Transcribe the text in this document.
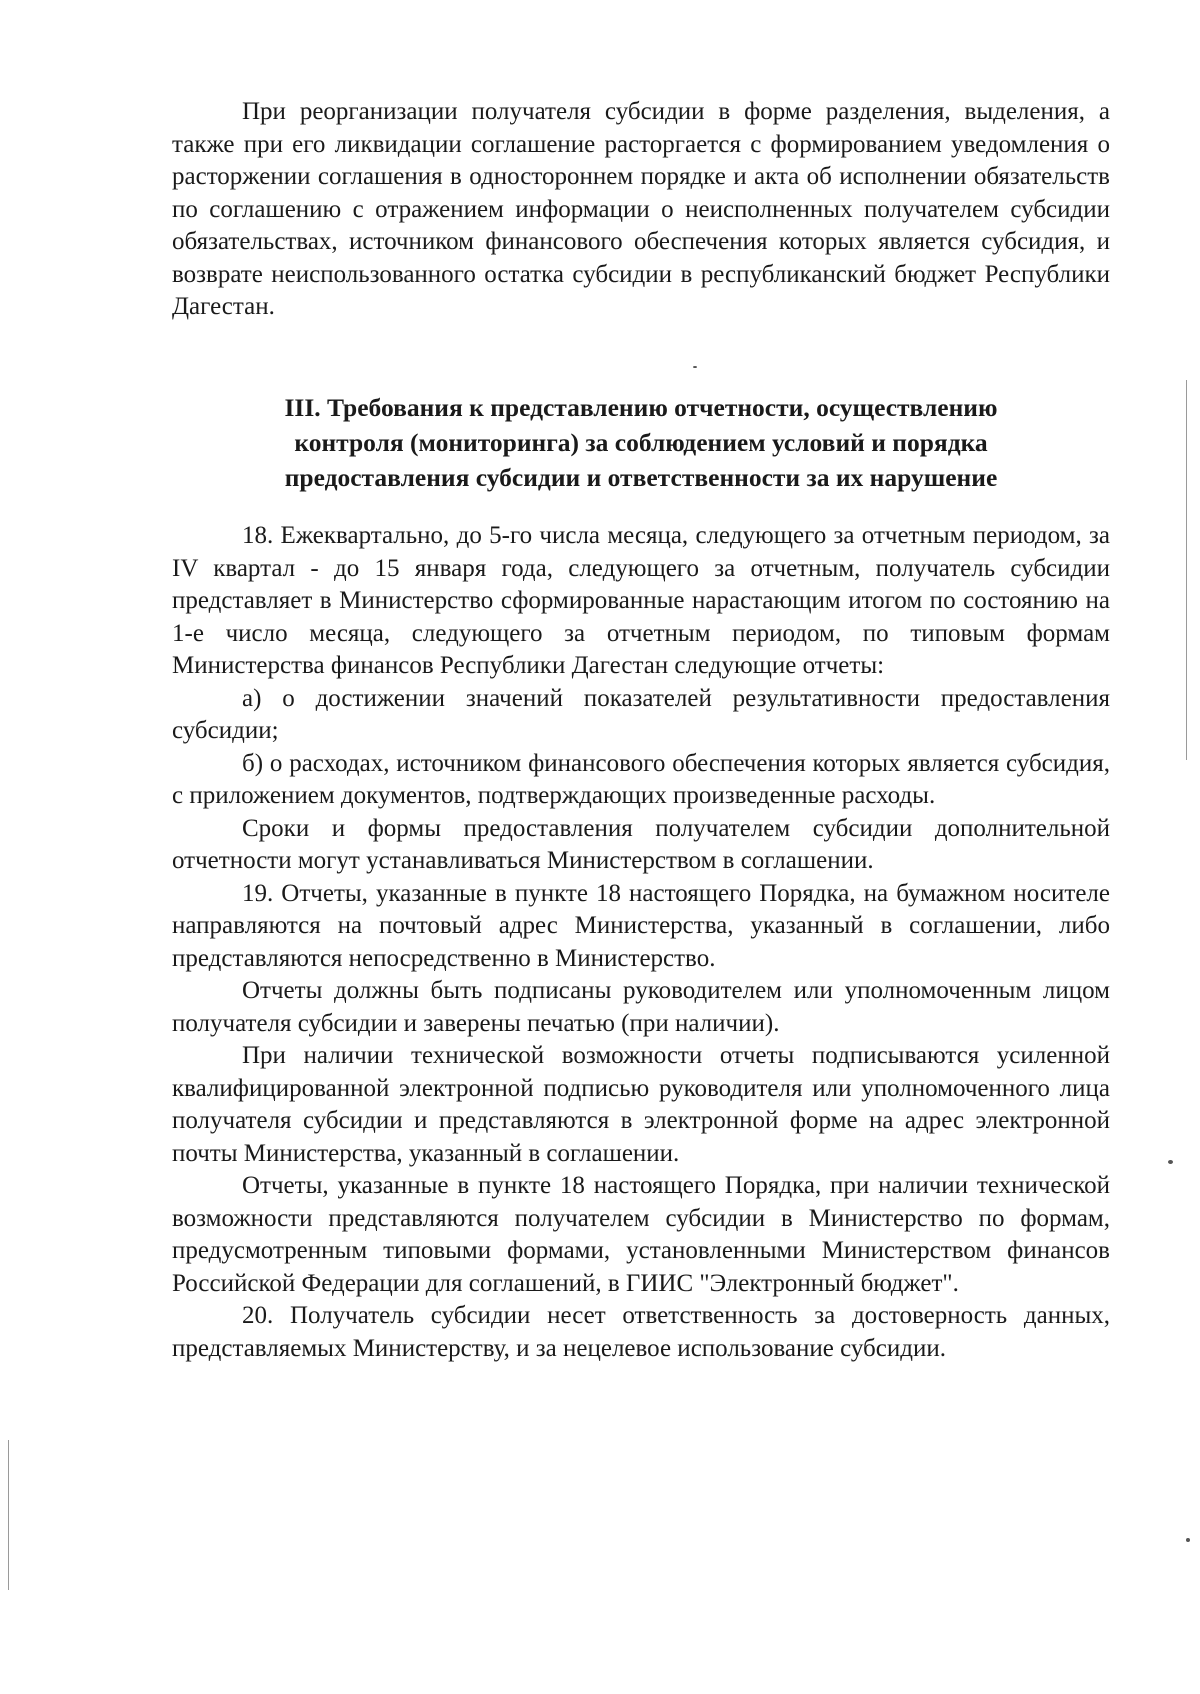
При реорганизации получателя субсидии в форме разделения, выделения, а также при его ликвидации соглашение расторгается с формированием уведомления о расторжении соглашения в одностороннем порядке и акта об исполнении обязательств по соглашению с отражением информации о неисполненных получателем субсидии обязательствах, источником финансового обеспечения которых является субсидия, и возврате неиспользованного остатка субсидии в республиканский бюджет Республики Дагестан.

III. Требования к представлению отчетности, осуществлению
контроля (мониторинга) за соблюдением условий и порядка
предоставления субсидии и ответственности за их нарушение

18. Ежеквартально, до 5-го числа месяца, следующего за отчетным периодом, за IV квартал - до 15 января года, следующего за отчетным, получатель субсидии представляет в Министерство сформированные нарастающим итогом по состоянию на 1-е число месяца, следующего за отчетным периодом, по типовым формам Министерства финансов Республики Дагестан следующие отчеты:

а) о достижении значений показателей результативности предоставления субсидии;

б) о расходах, источником финансового обеспечения которых является субсидия, с приложением документов, подтверждающих произведенные расходы.

Сроки и формы предоставления получателем субсидии дополнительной отчетности могут устанавливаться Министерством в соглашении.

19. Отчеты, указанные в пункте 18 настоящего Порядка, на бумажном носителе направляются на почтовый адрес Министерства, указанный в соглашении, либо представляются непосредственно в Министерство.

Отчеты должны быть подписаны руководителем или уполномоченным лицом получателя субсидии и заверены печатью (при наличии).

При наличии технической возможности отчеты подписываются усиленной квалифицированной электронной подписью руководителя или уполномоченного лица получателя субсидии и представляются в электронной форме на адрес электронной почты Министерства, указанный в соглашении.

Отчеты, указанные в пункте 18 настоящего Порядка, при наличии технической возможности представляются получателем субсидии в Министерство по формам, предусмотренным типовыми формами, установленными Министерством финансов Российской Федерации для соглашений, в ГИИС "Электронный бюджет".

20. Получатель субсидии несет ответственность за достоверность данных, представляемых Министерству, и за нецелевое использование субсидии.
